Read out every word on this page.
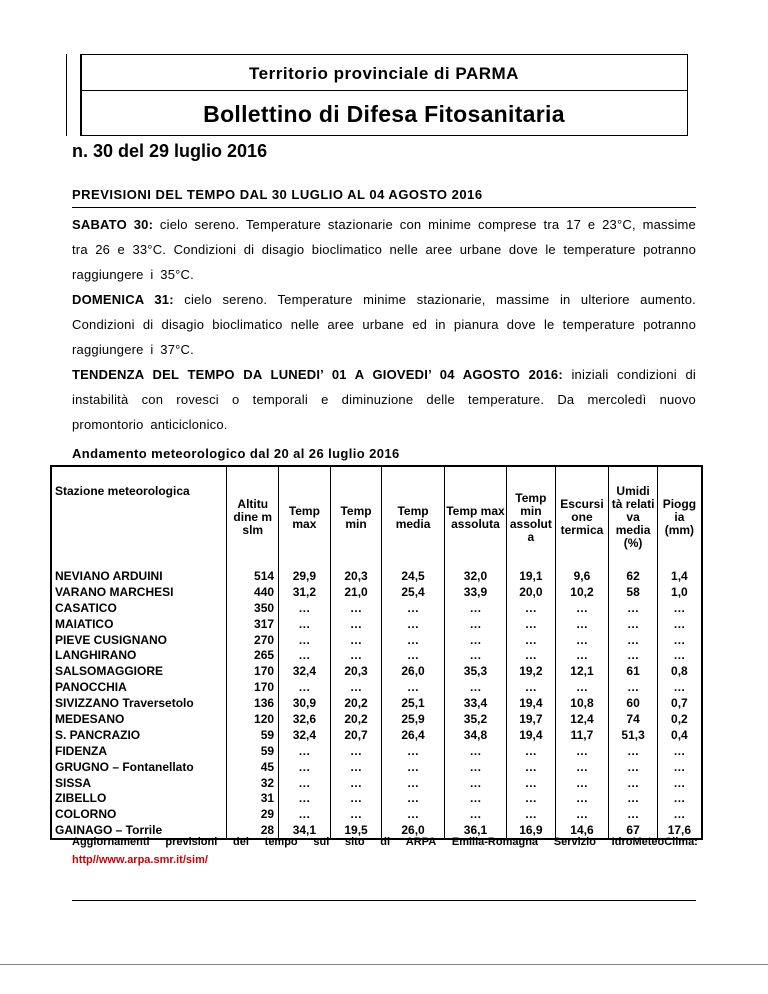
Territorio provinciale di PARMA
Bollettino di Difesa Fitosanitaria
n. 30 del 29 luglio 2016
PREVISIONI DEL TEMPO DAL 30 LUGLIO AL 04 AGOSTO 2016
SABATO 30: cielo sereno. Temperature stazionarie con minime comprese tra 17 e 23°C, massime tra 26 e 33°C. Condizioni di disagio bioclimatico nelle aree urbane dove le temperature potranno raggiungere i 35°C.
DOMENICA 31: cielo sereno. Temperature minime stazionarie, massime in ulteriore aumento. Condizioni di disagio bioclimatico nelle aree urbane ed in pianura dove le temperature potranno raggiungere i 37°C.
TENDENZA DEL TEMPO DA LUNEDI’ 01 A GIOVEDI’ 04 AGOSTO 2016: iniziali condizioni di instabilità con rovesci o temporali e diminuzione delle temperature. Da mercoledì nuovo promontorio anticiclonico.
Andamento meteorologico dal 20 al 26 luglio 2016
Stazione meteorologica	Altitu dine m slm	Temp max	Temp min	Temp media	Temp max assoluta	Temp min assolut a	Escursi one termica	Umidi tà relati va media (%)	Piogg ia (mm)
NEVIANO ARDUINI	514	29,9	20,3	24,5	32,0	19,1	9,6	62	1,4
VARANO MARCHESI	440	31,2	21,0	25,4	33,9	20,0	10,2	58	1,0
CASATICO	350	…	…	…	…	…	…	…	…
MAIATICO	317	…	…	…	…	…	…	…	…
PIEVE CUSIGNANO	270	…	…	…	…	…	…	…	…
LANGHIRANO	265	…	…	…	…	…	…	…	…
SALSOMAGGIORE	170	32,4	20,3	26,0	35,3	19,2	12,1	61	0,8
PANOCCHIA	170	…	…	…	…	…	…	…	…
SIVIZZANO Traversetolo	136	30,9	20,2	25,1	33,4	19,4	10,8	60	0,7
MEDESANO	120	32,6	20,2	25,9	35,2	19,7	12,4	74	0,2
S. PANCRAZIO	59	32,4	20,7	26,4	34,8	19,4	11,7	51,3	0,4
FIDENZA	59	…	…	…	…	…	…	…	…
GRUGNO – Fontanellato	45	…	…	…	…	…	…	…	…
SISSA	32	…	…	…	…	…	…	…	…
ZIBELLO	31	…	…	…	…	…	…	…	…
COLORNO	29	…	…	…	…	…	…	…	…
GAINAGO – Torrile	28	34,1	19,5	26,0	36,1	16,9	14,6	67	17,6
Aggiornamenti previsioni del tempo sul sito di ARPA Emilia-Romagna Servizio IdroMeteoClima:
http//www.arpa.smr.it/sim/
